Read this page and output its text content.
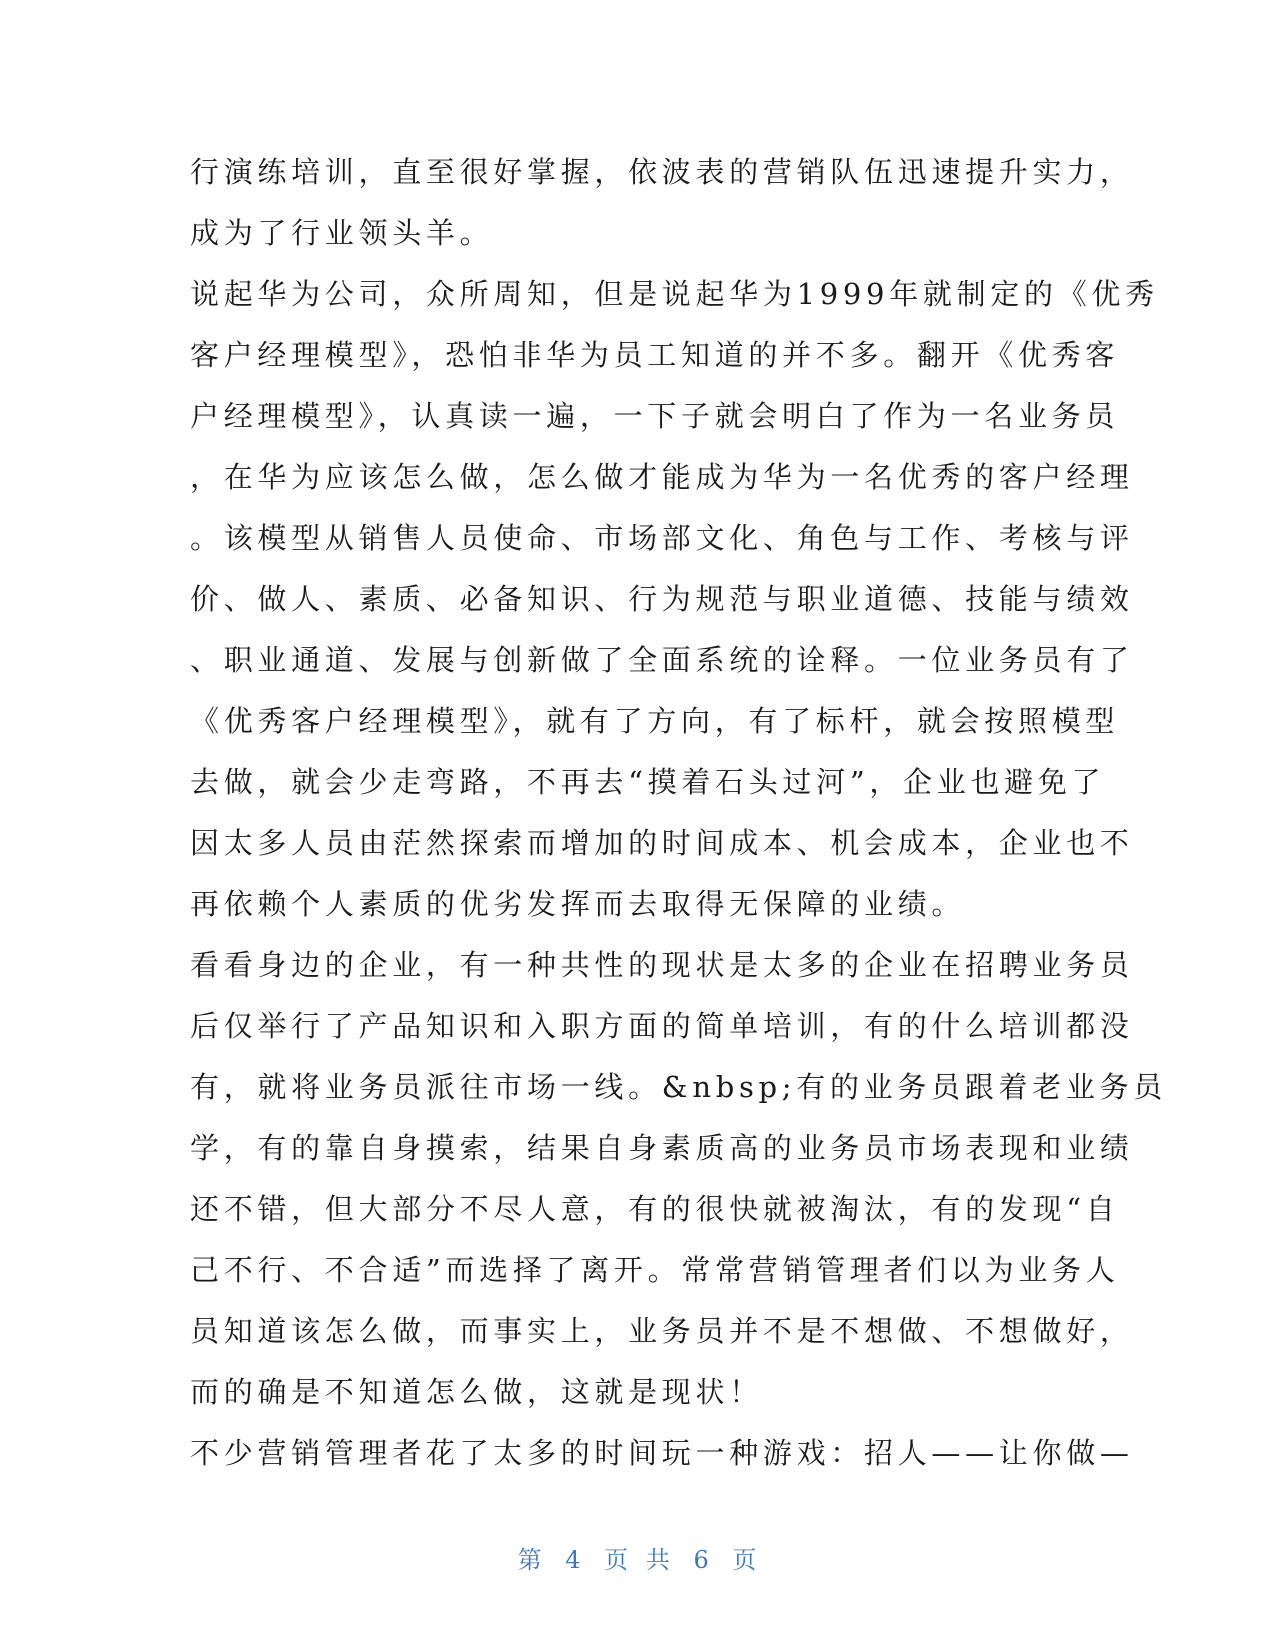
行演练培训，直至很好掌握，依波表的营销队伍迅速提升实力，
成为了行业领头羊。
说起华为公司，众所周知，但是说起华为1999年就制定的《优秀
客户经理模型》，恐怕非华为员工知道的并不多。翻开《优秀客
户经理模型》，认真读一遍，一下子就会明白了作为一名业务员
，在华为应该怎么做，怎么做才能成为华为一名优秀的客户经理
。该模型从销售人员使命、市场部文化、角色与工作、考核与评
价、做人、素质、必备知识、行为规范与职业道德、技能与绩效
、职业通道、发展与创新做了全面系统的诠释。一位业务员有了
《优秀客户经理模型》，就有了方向，有了标杆，就会按照模型
去做，就会少走弯路，不再去“摸着石头过河”，企业也避免了
因太多人员由茫然探索而增加的时间成本、机会成本，企业也不
再依赖个人素质的优劣发挥而去取得无保障的业绩。
看看身边的企业，有一种共性的现状是太多的企业在招聘业务员
后仅举行了产品知识和入职方面的简单培训，有的什么培训都没
有，就将业务员派往市场一线。&nbsp;有的业务员跟着老业务员
学，有的靠自身摸索，结果自身素质高的业务员市场表现和业绩
还不错，但大部分不尽人意，有的很快就被淘汰，有的发现“自
己不行、不合适”而选择了离开。常常营销管理者们以为业务人
员知道该怎么做，而事实上，业务员并不是不想做、不想做好，
而的确是不知道怎么做，这就是现状！
不少营销管理者花了太多的时间玩一种游戏：招人——让你做—
第 4 页 共 6 页
